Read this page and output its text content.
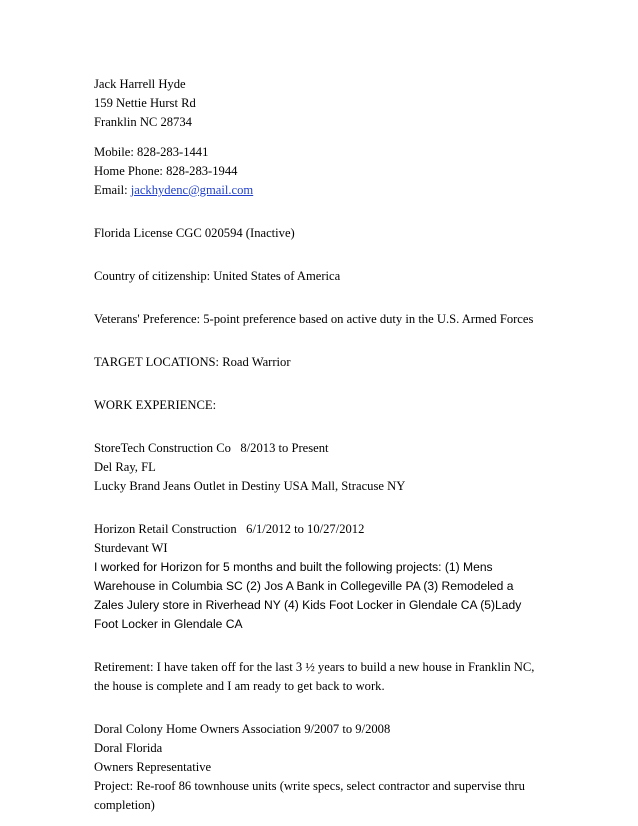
Jack Harrell Hyde
159 Nettie Hurst Rd
Franklin NC 28734
Mobile: 828-283-1441
Home Phone: 828-283-1944
Email: jackhydenc@gmail.com
Florida License CGC 020594 (Inactive)
Country of citizenship: United States of America
Veterans' Preference: 5-point preference based on active duty in the U.S. Armed Forces
TARGET LOCATIONS: Road Warrior
WORK EXPERIENCE:
StoreTech Construction Co   8/2013 to Present
Del Ray, FL
Lucky Brand Jeans Outlet in Destiny USA Mall, Stracuse NY
Horizon Retail Construction   6/1/2012 to 10/27/2012
Sturdevant WI
I worked for Horizon for 5 months and built the following projects: (1) Mens Warehouse in Columbia SC (2) Jos A Bank in Collegeville PA (3) Remodeled a Zales Julery store in Riverhead NY (4) Kids Foot Locker in Glendale CA (5)Lady Foot Locker in Glendale CA
Retirement: I have taken off for the last 3 ½ years to build a new house in Franklin NC, the house is complete and I am ready to get back to work.
Doral Colony Home Owners Association 9/2007 to 9/2008
Doral Florida
Owners Representative
Project: Re-roof 86 townhouse units (write specs, select contractor and supervise thru completion)
